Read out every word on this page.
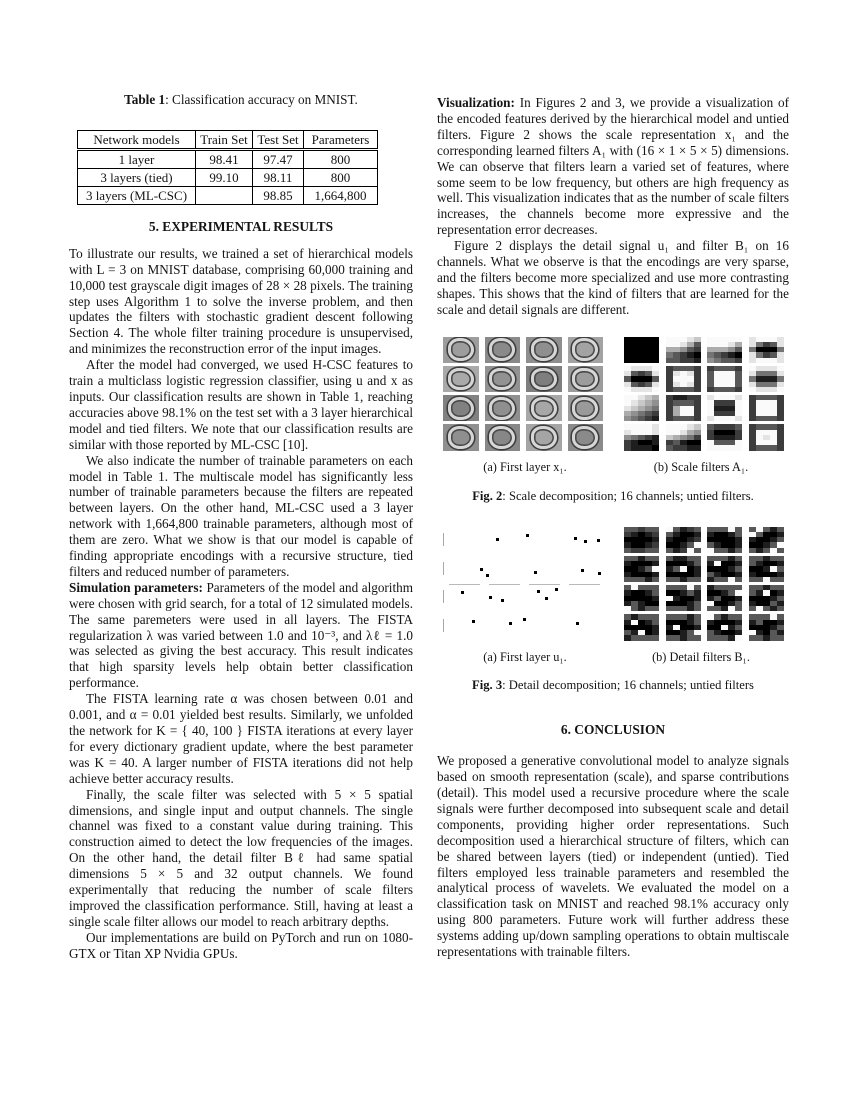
Table 1: Classification accuracy on MNIST.
Network models	Train Set	Test Set	Parameters
1 layer	98.41	97.47	800
3 layers (tied)	99.10	98.11	800
3 layers (ML-CSC)		98.85	1,664,800
5. EXPERIMENTAL RESULTS

To illustrate our results, we trained a set of hierarchical models with L = 3 on MNIST database, comprising 60,000 training and 10,000 test grayscale digit images of 28 × 28 pixels. The training step uses Algorithm 1 to solve the inverse problem, and then updates the filters with stochastic gradient descent following Section 4. The whole filter training procedure is unsupervised, and minimizes the reconstruction error of the input images.

After the model had converged, we used H-CSC features to train a multiclass logistic regression classifier, using u and x as inputs. Our classification results are shown in Table 1, reaching accuracies above 98.1% on the test set with a 3 layer hierarchical model and tied filters. We note that our classification results are similar with those reported by ML-CSC [10].

We also indicate the number of trainable parameters on each model in Table 1. The multiscale model has significantly less number of trainable parameters because the filters are repeated between layers. On the other hand, ML-CSC used a 3 layer network with 1,664,800 trainable parameters, although most of them are zero. What we show is that our model is capable of finding appropriate encodings with a recursive structure, tied filters and reduced number of parameters.

Simulation parameters: Parameters of the model and algorithm were chosen with grid search, for a total of 12 simulated models. The same paremeters were used in all layers. The FISTA regularization λ was varied between 1.0 and 10⁻³, and λℓ = 1.0 was selected as giving the best accuracy. This result indicates that high sparsity levels help obtain better classification performance.

The FISTA learning rate α was chosen between 0.01 and 0.001, and α = 0.01 yielded best results. Similarly, we unfolded the network for K = { 40, 100 } FISTA iterations at every layer for every dictionary gradient update, where the best parameter was K = 40. A larger number of FISTA iterations did not help achieve better accuracy results.

Finally, the scale filter was selected with 5 × 5 spatial dimensions, and single input and output channels. The single channel was fixed to a constant value during training. This construction aimed to detect the low frequencies of the images. On the other hand, the detail filter Bℓ had same spatial dimensions 5 × 5 and 32 output channels. We found experimentally that reducing the number of scale filters improved the classification performance. Still, having at least a single scale filter allows our model to reach arbitrary depths.

Our implementations are build on PyTorch and run on 1080-GTX or Titan XP Nvidia GPUs.

Visualization: In Figures 2 and 3, we provide a visualization of the encoded features derived by the hierarchical model and untied filters. Figure 2 shows the scale representation x₁ and the corresponding learned filters A₁ with (16 × 1 × 5 × 5) dimensions. We can observe that filters learn a varied set of features, where some seem to be low frequency, but others are high frequency as well. This visualization indicates that as the number of scale filters increases, the channels become more expressive and the representation error decreases.

Figure 2 displays the detail signal u₁ and filter B₁ on 16 channels. What we observe is that the encodings are very sparse, and the filters become more specialized and use more contrasting shapes. This shows that the kind of filters that are learned for the scale and detail signals are different.

(a) First layer x₁.	(b) Scale filters A₁.
Fig. 2: Scale decomposition; 16 channels; untied filters.
(a) First layer u₁.	(b) Detail filters B₁.
Fig. 3: Detail decomposition; 16 channels; untied filters
6. CONCLUSION

We proposed a generative convolutional model to analyze signals based on smooth representation (scale), and sparse contributions (detail). This model used a recursive procedure where the scale signals were further decomposed into subsequent scale and detail components, providing higher order representations. Such decomposition used a hierarchical structure of filters, which can be shared between layers (tied) or independent (untied). Tied filters employed less trainable parameters and resembled the analytical process of wavelets. We evaluated the model on a classification task on MNIST and reached 98.1% accuracy only using 800 parameters. Future work will further address these systems adding up/down sampling operations to obtain multiscale representations with trainable filters.
